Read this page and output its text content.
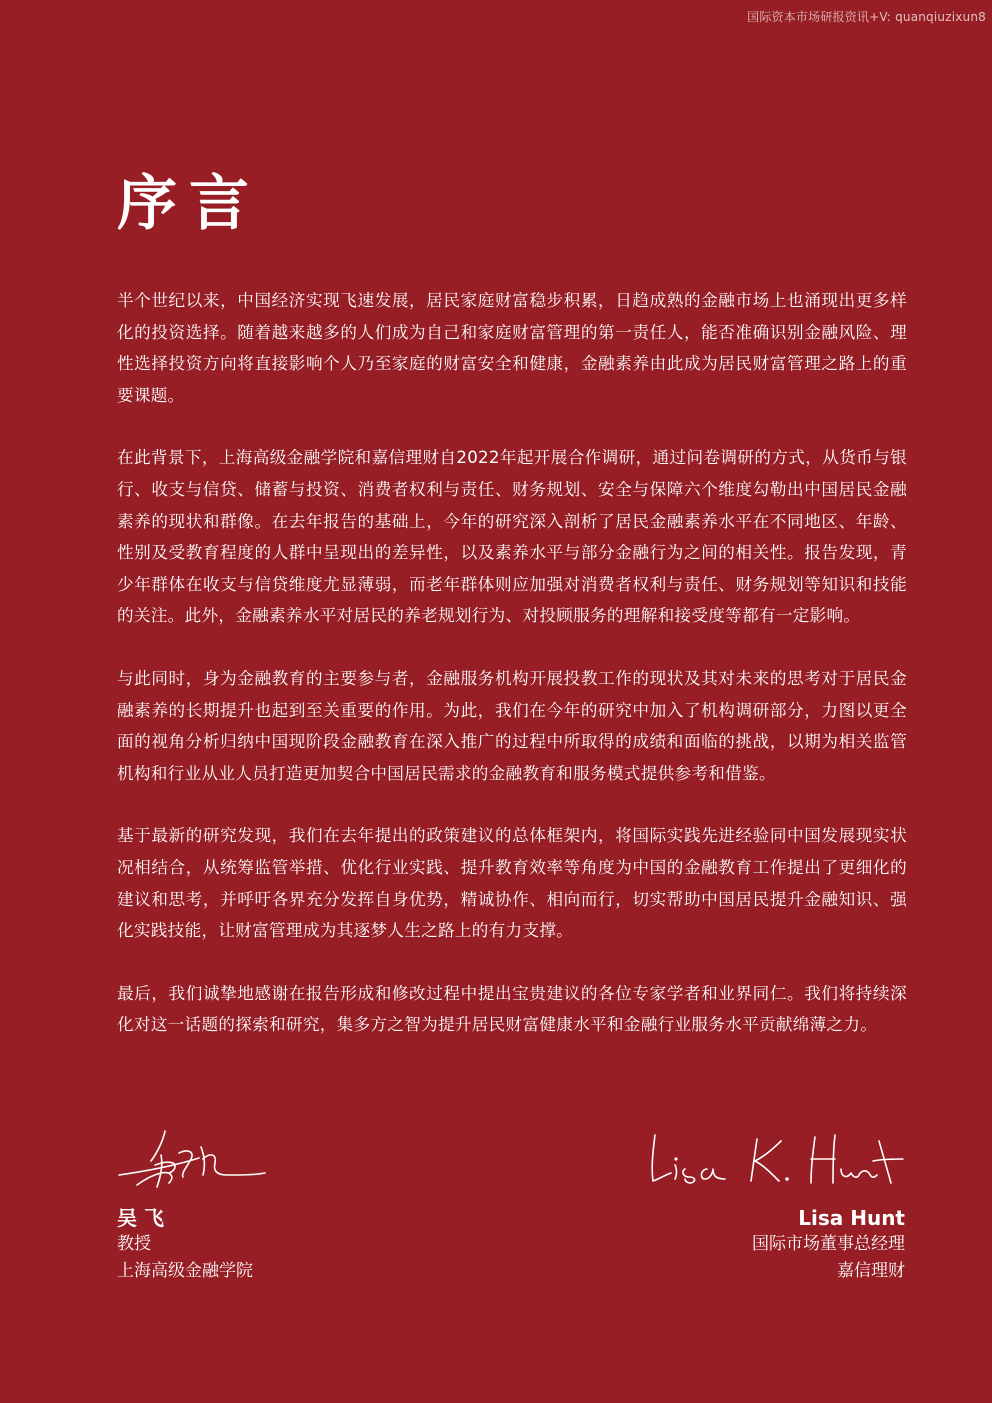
国际资本市场研报资讯+V: quanqiuzixun8
序言

半个世纪以来，中国经济实现飞速发展，居民家庭财富稳步积累，日趋成熟的金融市场上也涌现出更多样化的投资选择。随着越来越多的人们成为自己和家庭财富管理的第一责任人，能否准确识别金融风险、理性选择投资方向将直接影响个人乃至家庭的财富安全和健康，金融素养由此成为居民财富管理之路上的重要课题。

在此背景下，上海高级金融学院和嘉信理财自2022年起开展合作调研，通过问卷调研的方式，从货币与银行、收支与信贷、储蓄与投资、消费者权利与责任、财务规划、安全与保障六个维度勾勒出中国居民金融素养的现状和群像。在去年报告的基础上，今年的研究深入剖析了居民金融素养水平在不同地区、年龄、性别及受教育程度的人群中呈现出的差异性，以及素养水平与部分金融行为之间的相关性。报告发现，青少年群体在收支与信贷维度尤显薄弱，而老年群体则应加强对消费者权利与责任、财务规划等知识和技能的关注。此外，金融素养水平对居民的养老规划行为、对投顾服务的理解和接受度等都有一定影响。

与此同时，身为金融教育的主要参与者，金融服务机构开展投教工作的现状及其对未来的思考对于居民金融素养的长期提升也起到至关重要的作用。为此，我们在今年的研究中加入了机构调研部分，力图以更全面的视角分析归纳中国现阶段金融教育在深入推广的过程中所取得的成绩和面临的挑战，以期为相关监管机构和行业从业人员打造更加契合中国居民需求的金融教育和服务模式提供参考和借鉴。

基于最新的研究发现，我们在去年提出的政策建议的总体框架内，将国际实践先进经验同中国发展现实状况相结合，从统筹监管举措、优化行业实践、提升教育效率等角度为中国的金融教育工作提出了更细化的建议和思考，并呼吁各界充分发挥自身优势，精诚协作、相向而行，切实帮助中国居民提升金融知识、强化实践技能，让财富管理成为其逐梦人生之路上的有力支撑。

最后，我们诚挚地感谢在报告形成和修改过程中提出宝贵建议的各位专家学者和业界同仁。我们将持续深化对这一话题的探索和研究，集多方之智为提升居民财富健康水平和金融行业服务水平贡献绵薄之力。

吴 飞
教授
上海高级金融学院
Lisa Hunt
国际市场董事总经理
嘉信理财
